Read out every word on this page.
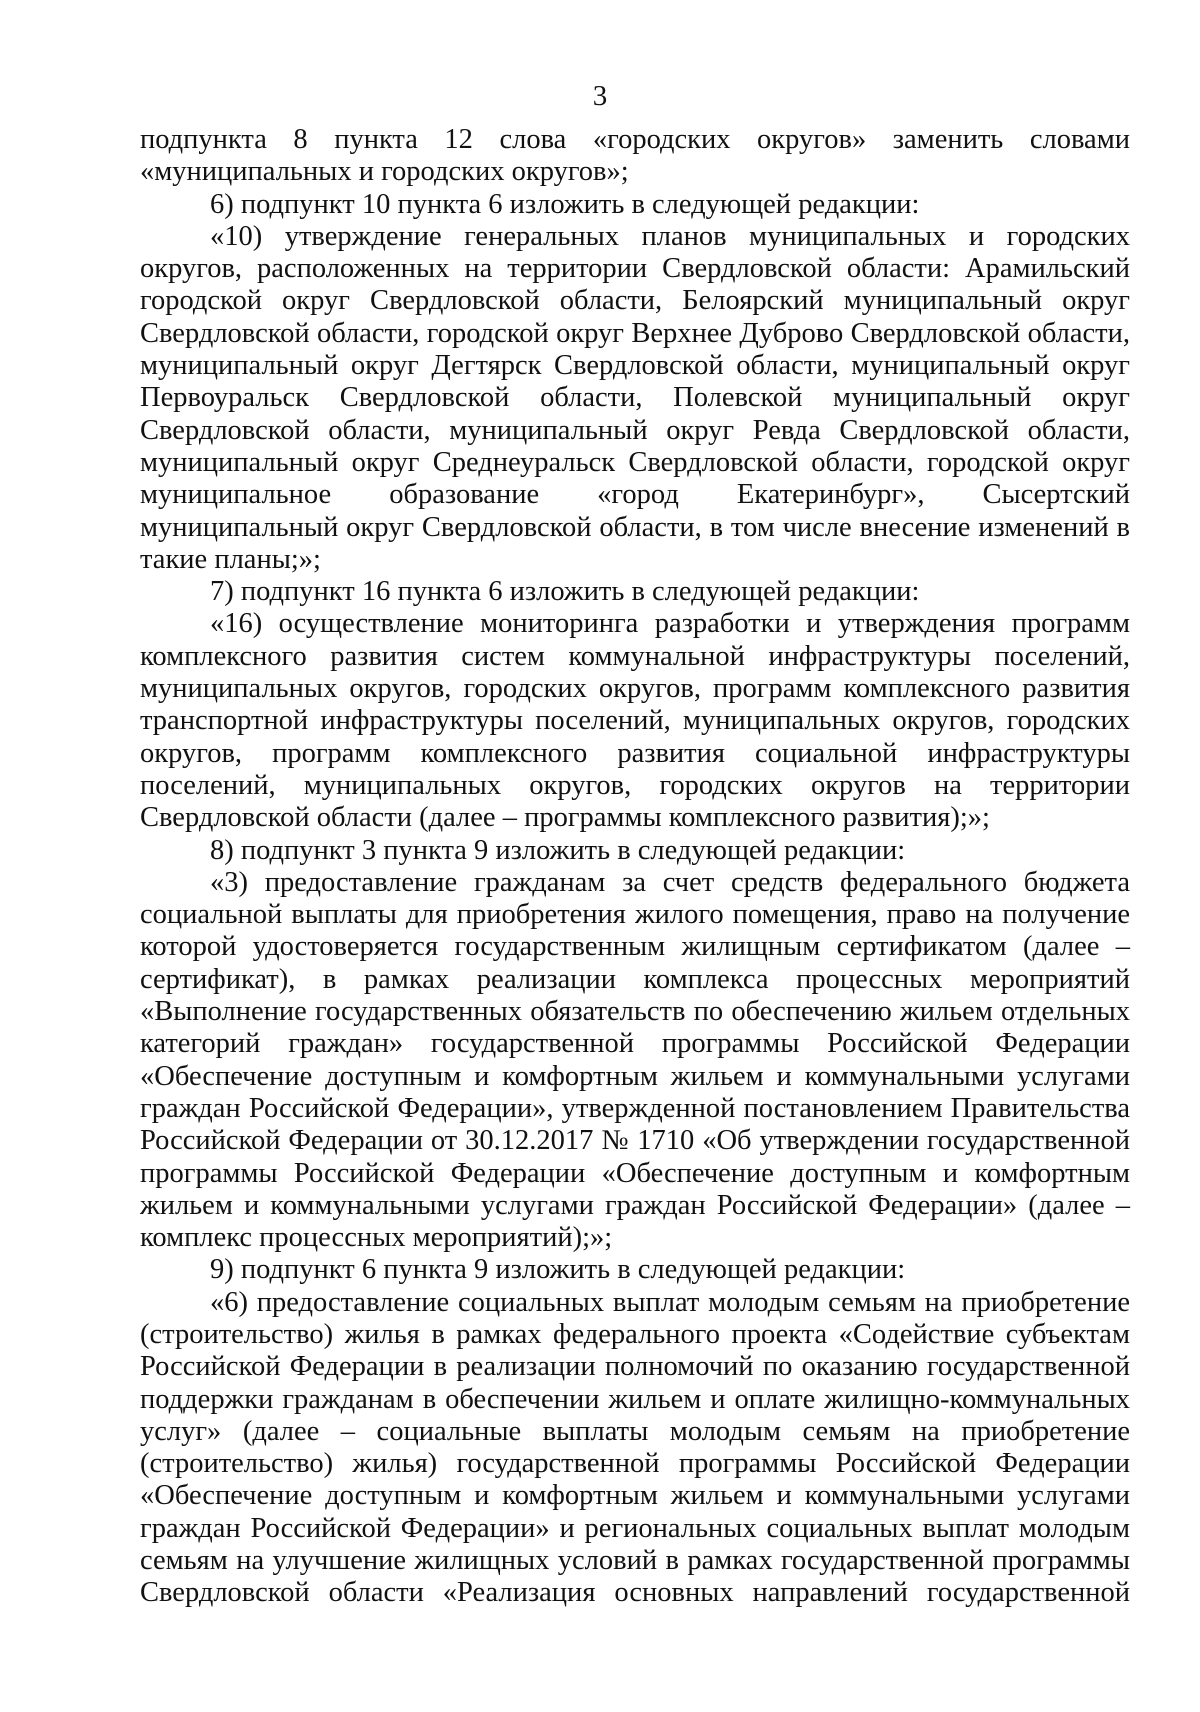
3

подпункта 8 пункта 12 слова «городских округов» заменить словами «муниципальных и городских округов»;

6) подпункт 10 пункта 6 изложить в следующей редакции:

«10) утверждение генеральных планов муниципальных и городских округов, расположенных на территории Свердловской области: Арамильский городской округ Свердловской области, Белоярский муниципальный округ Свердловской области, городской округ Верхнее Дуброво Свердловской области, муниципальный округ Дегтярск Свердловской области, муниципальный округ Первоуральск Свердловской области, Полевской муниципальный округ Свердловской области, муниципальный округ Ревда Свердловской области, муниципальный округ Среднеуральск Свердловской области, городской округ муниципальное образование «город Екатеринбург», Сысертский муниципальный округ Свердловской области, в том числе внесение изменений в такие планы;»;

7) подпункт 16 пункта 6 изложить в следующей редакции:

«16) осуществление мониторинга разработки и утверждения программ комплексного развития систем коммунальной инфраструктуры поселений, муниципальных округов, городских округов, программ комплексного развития транспортной инфраструктуры поселений, муниципальных округов, городских округов, программ комплексного развития социальной инфраструктуры поселений, муниципальных округов, городских округов на территории Свердловской области (далее – программы комплексного развития);»;

8) подпункт 3 пункта 9 изложить в следующей редакции:

«3) предоставление гражданам за счет средств федерального бюджета социальной выплаты для приобретения жилого помещения, право на получение которой удостоверяется государственным жилищным сертификатом (далее – сертификат), в рамках реализации комплекса процессных мероприятий «Выполнение государственных обязательств по обеспечению жильем отдельных категорий граждан» государственной программы Российской Федерации «Обеспечение доступным и комфортным жильем и коммунальными услугами граждан Российской Федерации», утвержденной постановлением Правительства Российской Федерации от 30.12.2017 № 1710 «Об утверждении государственной программы Российской Федерации «Обеспечение доступным и комфортным жильем и коммунальными услугами граждан Российской Федерации» (далее – комплекс процессных мероприятий);»;

9) подпункт 6 пункта 9 изложить в следующей редакции:

«6) предоставление социальных выплат молодым семьям на приобретение (строительство) жилья в рамках федерального проекта «Содействие субъектам Российской Федерации в реализации полномочий по оказанию государственной поддержки гражданам в обеспечении жильем и оплате жилищно-коммунальных услуг» (далее – социальные выплаты молодым семьям на приобретение (строительство) жилья) государственной программы Российской Федерации «Обеспечение доступным и комфортным жильем и коммунальными услугами граждан Российской Федерации» и региональных социальных выплат молодым семьям на улучшение жилищных условий в рамках государственной программы Свердловской области «Реализация основных направлений государственной
